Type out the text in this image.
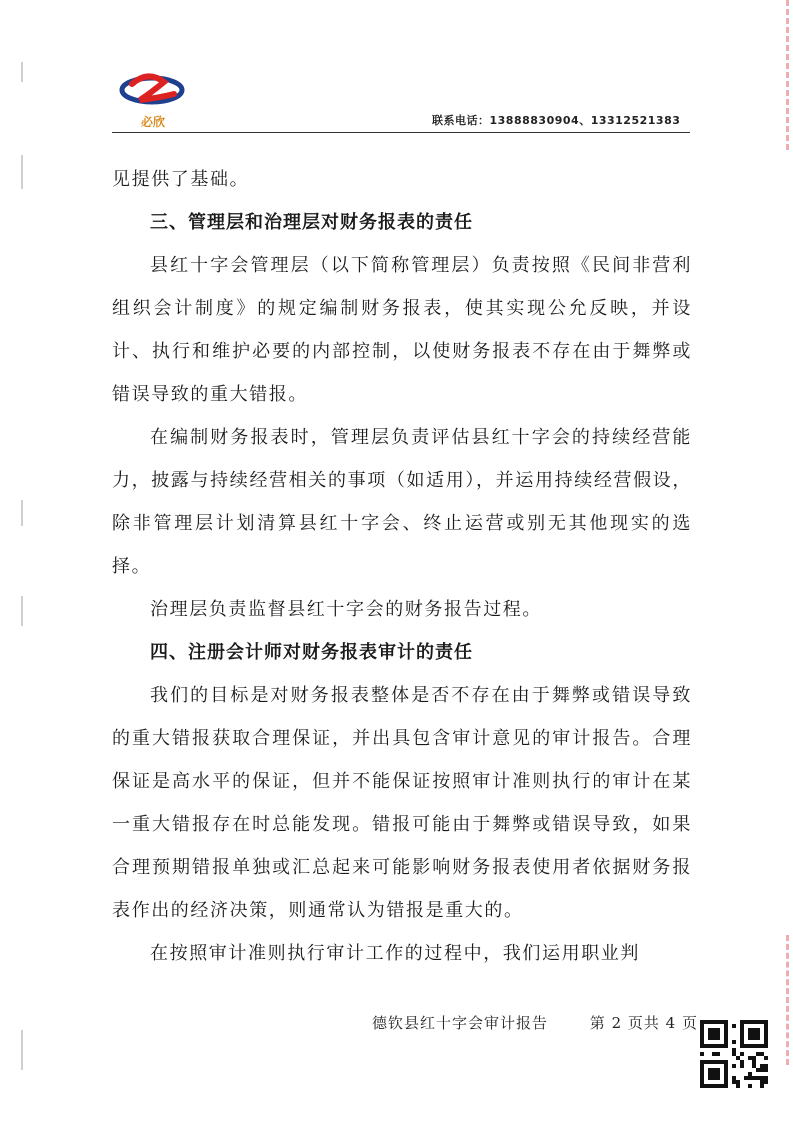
必欣	联系电话：13888830904、13312521383

见提供了基础。

三、管理层和治理层对财务报表的责任

县红十字会管理层（以下简称管理层）负责按照《民间非营利组织会计制度》的规定编制财务报表，使其实现公允反映，并设计、执行和维护必要的内部控制，以使财务报表不存在由于舞弊或错误导致的重大错报。

在编制财务报表时，管理层负责评估县红十字会的持续经营能力，披露与持续经营相关的事项（如适用），并运用持续经营假设，除非管理层计划清算县红十字会、终止运营或别无其他现实的选择。

治理层负责监督县红十字会的财务报告过程。

四、注册会计师对财务报表审计的责任

我们的目标是对财务报表整体是否不存在由于舞弊或错误导致的重大错报获取合理保证，并出具包含审计意见的审计报告。合理保证是高水平的保证，但并不能保证按照审计准则执行的审计在某一重大错报存在时总能发现。错报可能由于舞弊或错误导致，如果合理预期错报单独或汇总起来可能影响财务报表使用者依据财务报表作出的经济决策，则通常认为错报是重大的。

在按照审计准则执行审计工作的过程中，我们运用职业判

德钦县红十字会审计报告	第 2 页共 4 页
